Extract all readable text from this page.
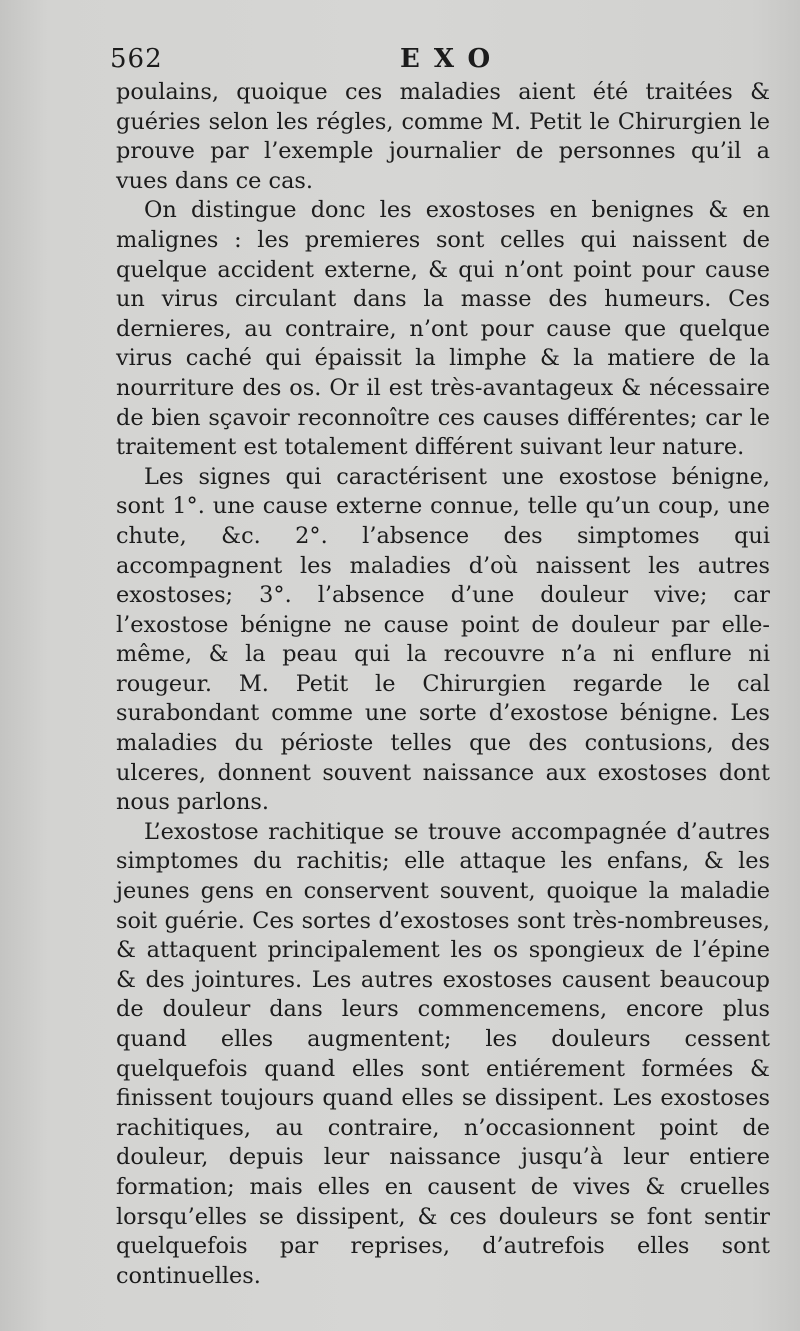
562	EXO

poulains, quoique ces maladies aient été traitées & guéries selon les régles, comme M. Petit le Chirurgien le prouve par l’exemple journalier de personnes qu’il a vues dans ce cas.

On distingue donc les exostoses en benignes & en malignes : les premieres sont celles qui naissent de quelque accident externe, & qui n’ont point pour cause un virus circulant dans la masse des humeurs. Ces dernieres, au contraire, n’ont pour cause que quelque virus caché qui épaissit la limphe & la matiere de la nourriture des os. Or il est très-avantageux & nécessaire de bien sçavoir reconnoître ces causes différentes; car le traitement est totalement différent suivant leur nature.

Les signes qui caractérisent une exostose bénigne, sont 1°. une cause externe connue, telle qu’un coup, une chute, &c. 2°. l’absence des simptomes qui accompagnent les maladies d’où naissent les autres exostoses; 3°. l’absence d’une douleur vive; car l’exostose bénigne ne cause point de douleur par elle-même, & la peau qui la recouvre n’a ni enflure ni rougeur. M. Petit le Chirurgien regarde le cal surabondant comme une sorte d’exostose bénigne. Les maladies du périoste telles que des contusions, des ulceres, donnent souvent naissance aux exostoses dont nous parlons.

L’exostose rachitique se trouve accompagnée d’autres simptomes du rachitis; elle attaque les enfans, & les jeunes gens en conservent souvent, quoique la maladie soit guérie. Ces sortes d’exostoses sont très-nombreuses, & attaquent principalement les os spongieux de l’épine & des jointures. Les autres exostoses causent beaucoup de douleur dans leurs commencemens, encore plus quand elles augmentent; les douleurs cessent quelquefois quand elles sont entiérement formées & finissent toujours quand elles se dissipent. Les exostoses rachitiques, au contraire, n’occasionnent point de douleur, depuis leur naissance jusqu’à leur entiere formation; mais elles en causent de vives & cruelles lorsqu’elles se dissipent, & ces douleurs se font sentir quelquefois par reprises, d’autrefois elles sont continuelles.
